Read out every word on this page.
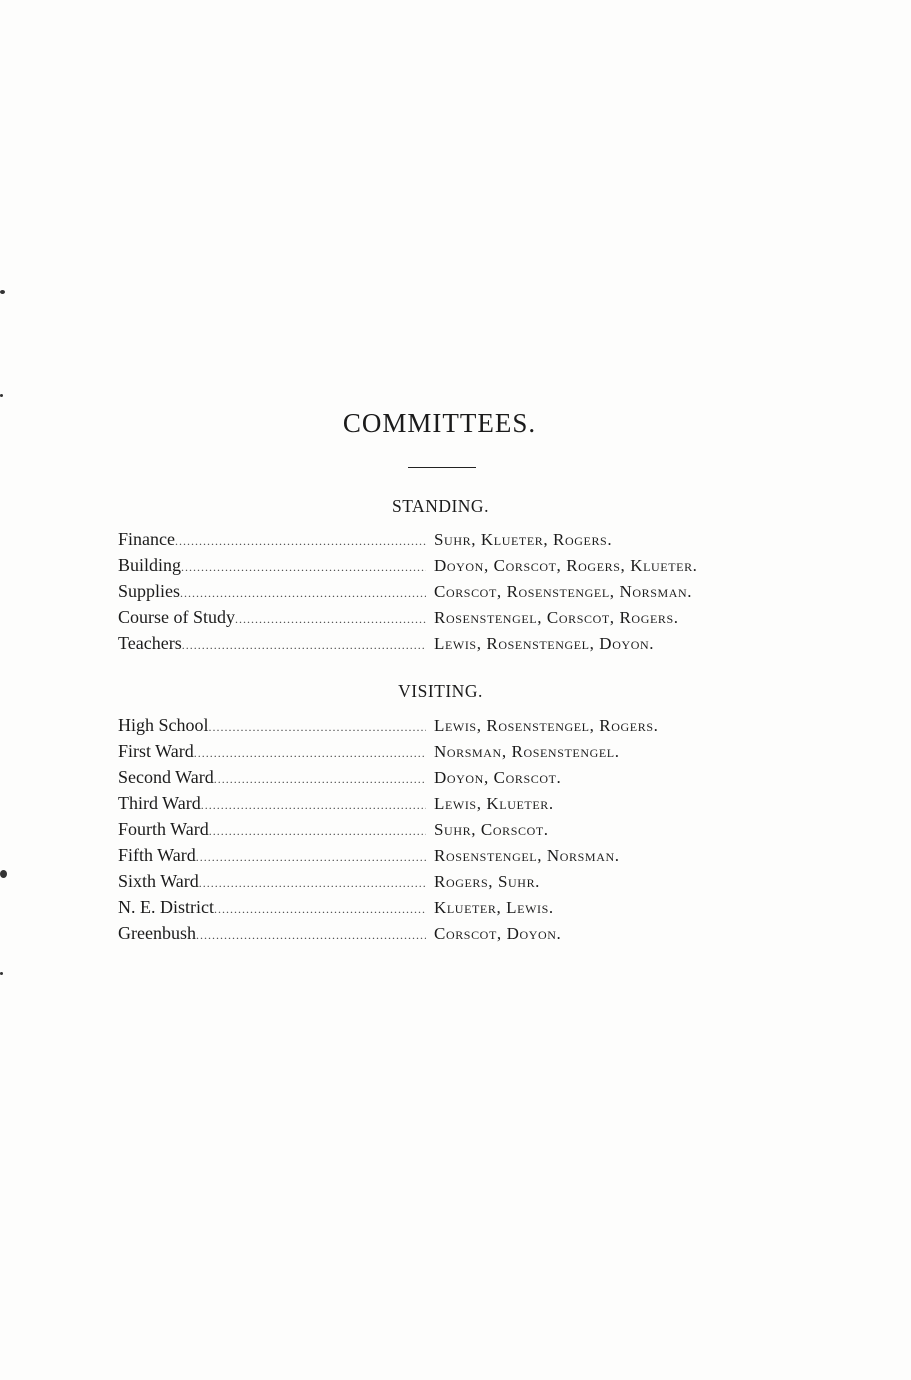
COMMITTEES.
STANDING.
Finance .....	Suhr, Klueter, Rogers.
Building .....	Doyon, Corscot, Rogers, Klueter.
Supplies .....	Corscot, Rosenstengel, Norsman.
Course of Study .....	Rosenstengel, Corscot, Rogers.
Teachers .....	Lewis, Rosenstengel, Doyon.
VISITING.
High School .....	Lewis, Rosenstengel, Rogers.
First Ward .....	Norsman, Rosenstengel.
Second Ward .....	Doyon, Corscot.
Third Ward .....	Lewis, Klueter.
Fourth Ward .....	Suhr, Corscot.
Fifth Ward .....	Rosenstengel, Norsman.
Sixth Ward .....	Rogers, Suhr.
N. E. District .....	Klueter, Lewis.
Greenbush .....	Corscot, Doyon.
